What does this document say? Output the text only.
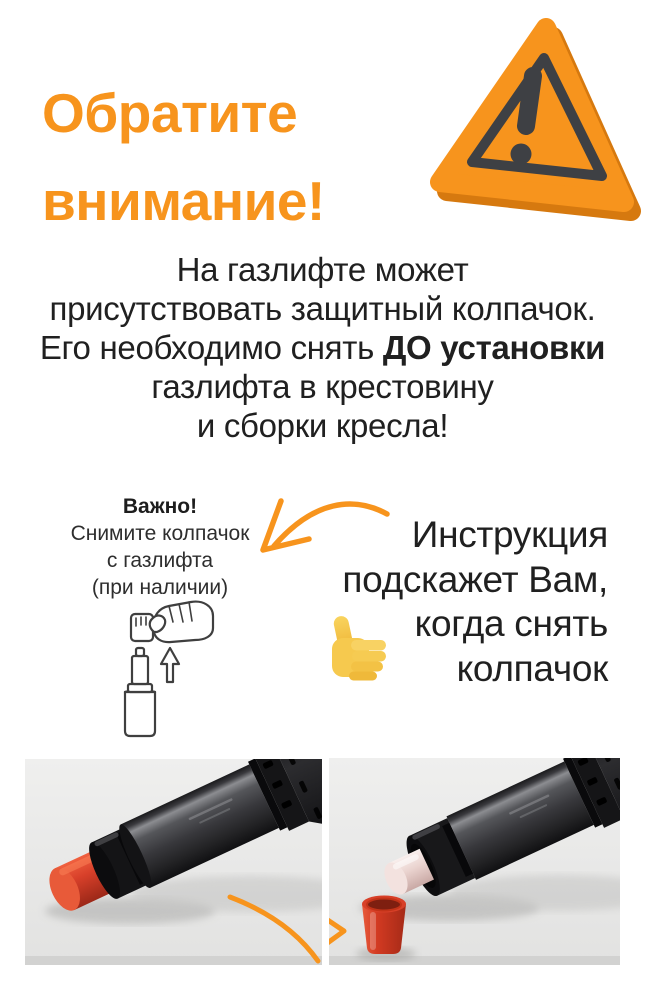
Обратите
внимание!
На газлифте может
присутствовать защитный колпачок.
Его необходимо снять ДО установки
газлифта в крестовину
и сборки кресла!
Важно!
Снимите колпачок
с газлифта
(при наличии)
Инструкция
подскажет Вам,
когда снять
колпачок
